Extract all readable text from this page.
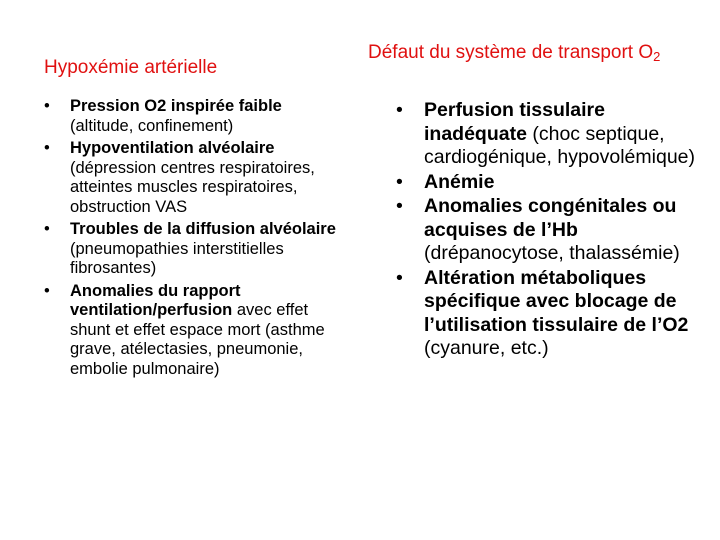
Hypoxémie artérielle
• Pression O2 inspirée faible (altitude, confinement)
• Hypoventilation alvéolaire (dépression centres respiratoires, atteintes muscles respiratoires, obstruction VAS
• Troubles de la diffusion alvéolaire (pneumopathies interstitielles fibrosantes)
• Anomalies du rapport ventilation/perfusion avec effet shunt et effet espace mort (asthme grave, atélectasies, pneumonie, embolie pulmonaire)
Défaut du système de transport $O_2$
• Perfusion tissulaire inadéquate (choc septique, cardiogénique, hypovolémique)
• Anémie
• Anomalies congénitales ou acquises de l’Hb (drépanocytose, thalassémie)
• Altération métaboliques spécifique avec blocage de l’utilisation tissulaire de l’O2 (cyanure, etc.)
